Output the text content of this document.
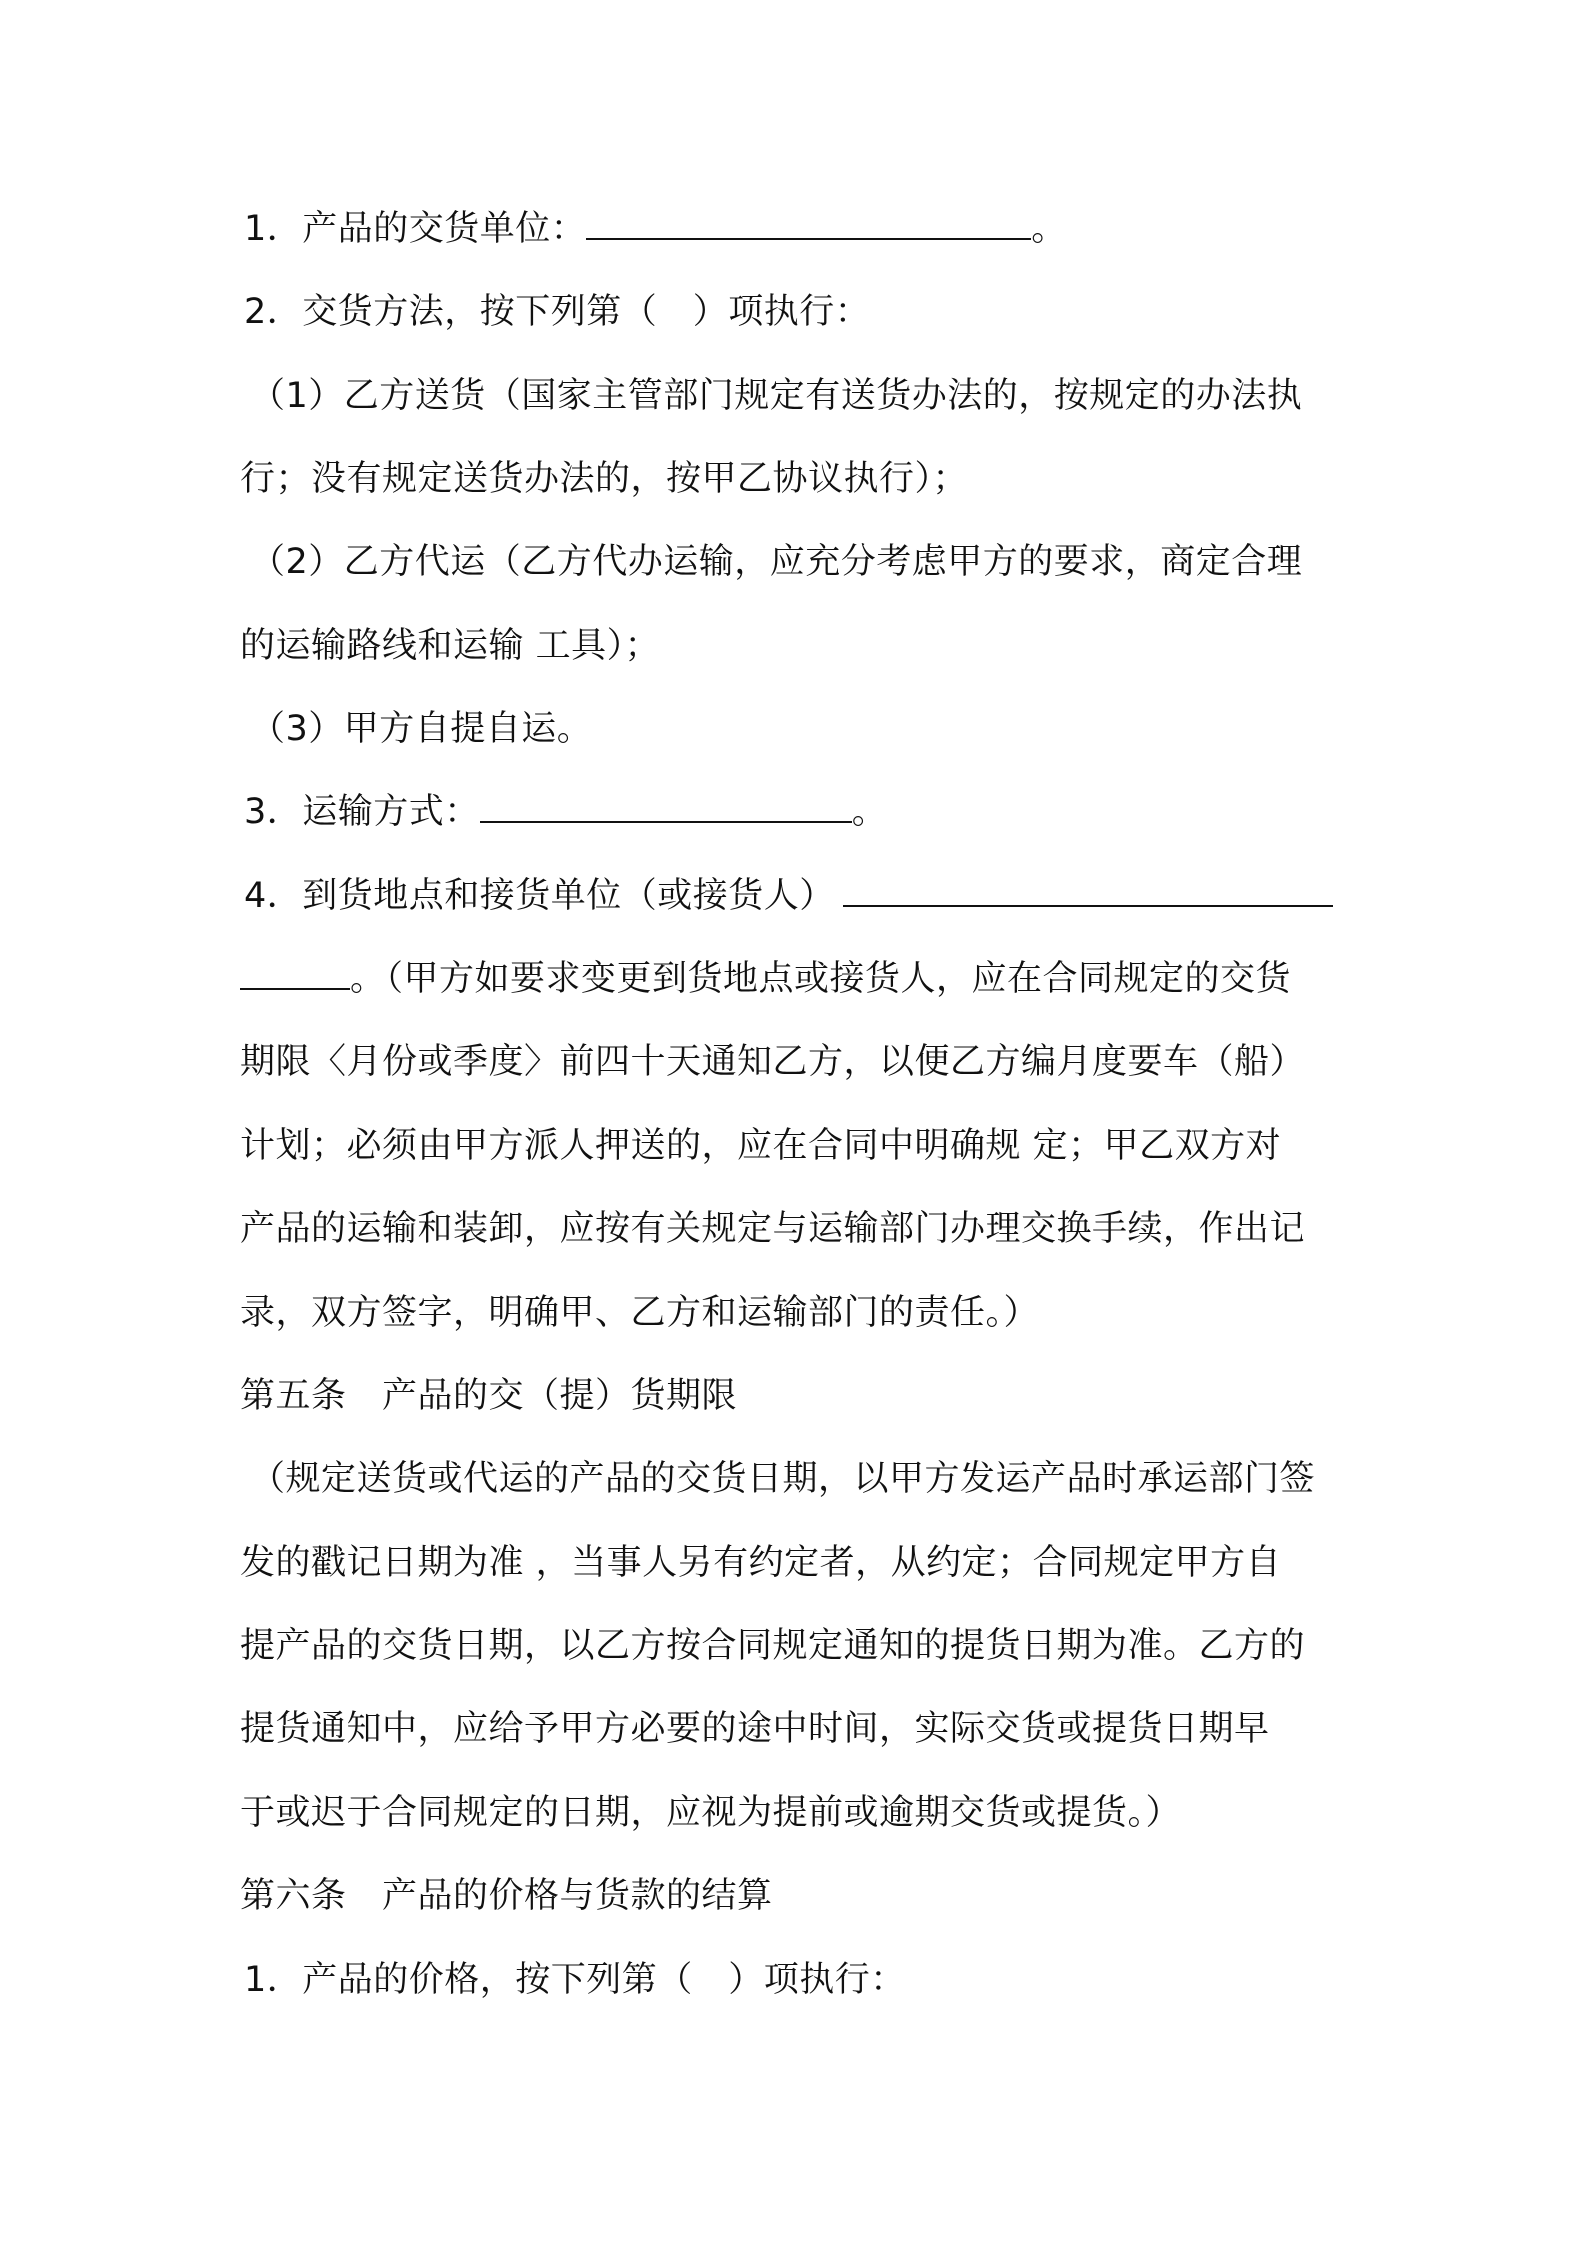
1．产品的交货单位：	。
2．交货方法，按下列第（　）项执行：
（1）乙方送货（国家主管部门规定有送货办法的，按规定的办法执
行；没有规定送货办法的，按甲乙协议执行）；
（2）乙方代运（乙方代办运输，应充分考虑甲方的要求，商定合理
的运输路线和运输 工具）；
（3）甲方自提自运。
3．运输方式：	。
4．到货地点和接货单位（或接货人）
。（甲方如要求变更到货地点或接货人，应在合同规定的交货
期限〈月份或季度〉前四十天通知乙方，以便乙方编月度要车（船）
计划；必须由甲方派人押送的，应在合同中明确规 定；甲乙双方对
产品的运输和装卸，应按有关规定与运输部门办理交换手续，作出记
录，双方签字，明确甲、乙方和运输部门的责任。）
第五条　产品的交（提）货期限
（规定送货或代运的产品的交货日期，以甲方发运产品时承运部门签
发的戳记日期为准 ，当事人另有约定者，从约定；合同规定甲方自
提产品的交货日期，以乙方按合同规定通知的提货日期为准。乙方的
提货通知中，应给予甲方必要的途中时间，实际交货或提货日期早
于或迟于合同规定的日期，应视为提前或逾期交货或提货。）
第六条　产品的价格与货款的结算
1．产品的价格，按下列第（　）项执行：
